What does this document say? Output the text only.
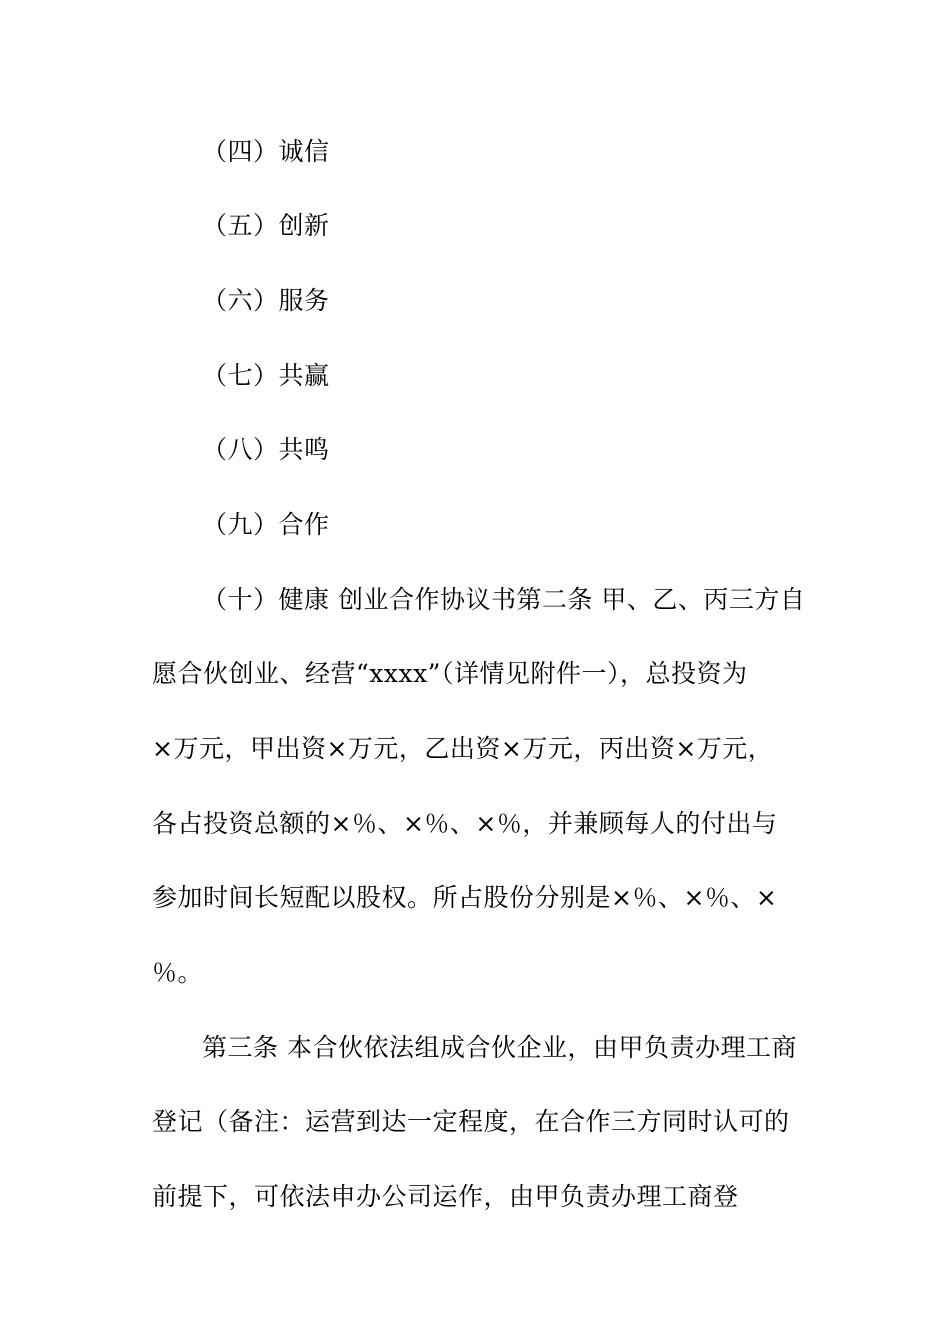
（四）诚信
（五）创新
（六）服务
（七）共赢
（八）共鸣
（九）合作
（十）健康 创业合作协议书第二条 甲、乙、丙三方自
愿合伙创业、经营“xxxx”（详情见附件一），总投资为
×万元，甲出资×万元，乙出资×万元，丙出资×万元，
各占投资总额的×％、×％、×％，并兼顾每人的付出与
参加时间长短配以股权。所占股份分别是×％、×％、×
％。
第三条 本合伙依法组成合伙企业，由甲负责办理工商
登记（备注：运营到达一定程度，在合作三方同时认可的
前提下，可依法申办公司运作，由甲负责办理工商登
